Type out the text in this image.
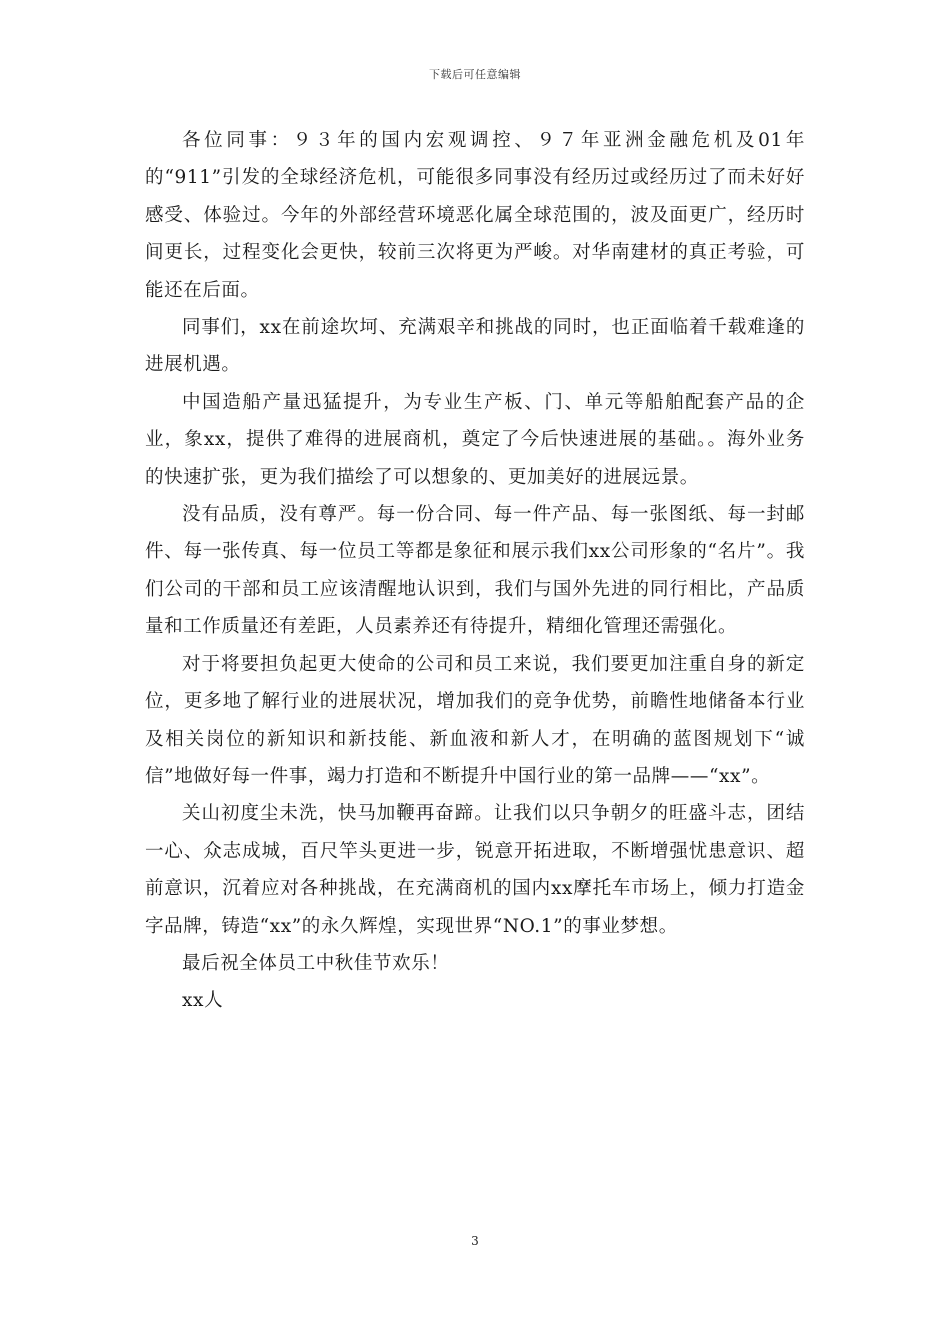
下载后可任意编辑

各位同事：９３年的国内宏观调控、９７年亚洲金融危机及01年的“911”引发的全球经济危机，可能很多同事没有经历过或经历过了而未好好感受、体验过。今年的外部经营环境恶化属全球范围的，波及面更广，经历时间更长，过程变化会更快，较前三次将更为严峻。对华南建材的真正考验，可能还在后面。

同事们，xx在前途坎坷、充满艰辛和挑战的同时，也正面临着千载难逢的进展机遇。

中国造船产量迅猛提升，为专业生产板、门、单元等船舶配套产品的企业，象xx，提供了难得的进展商机，奠定了今后快速进展的基础。。海外业务的快速扩张，更为我们描绘了可以想象的、更加美好的进展远景。

没有品质，没有尊严。每一份合同、每一件产品、每一张图纸、每一封邮件、每一张传真、每一位员工等都是象征和展示我们xx公司形象的“名片”。我们公司的干部和员工应该清醒地认识到，我们与国外先进的同行相比，产品质量和工作质量还有差距，人员素养还有待提升，精细化管理还需强化。

对于将要担负起更大使命的公司和员工来说，我们要更加注重自身的新定位，更多地了解行业的进展状况，增加我们的竞争优势，前瞻性地储备本行业及相关岗位的新知识和新技能、新血液和新人才，在明确的蓝图规划下“诚信”地做好每一件事，竭力打造和不断提升中国行业的第一品牌——“xx”。

关山初度尘未洗，快马加鞭再奋蹄。让我们以只争朝夕的旺盛斗志，团结一心、众志成城，百尺竿头更进一步，锐意开拓进取，不断增强忧患意识、超前意识，沉着应对各种挑战，在充满商机的国内xx摩托车市场上，倾力打造金字品牌，铸造“xx”的永久辉煌，实现世界“NO.1”的事业梦想。

最后祝全体员工中秋佳节欢乐！

xx人

3
